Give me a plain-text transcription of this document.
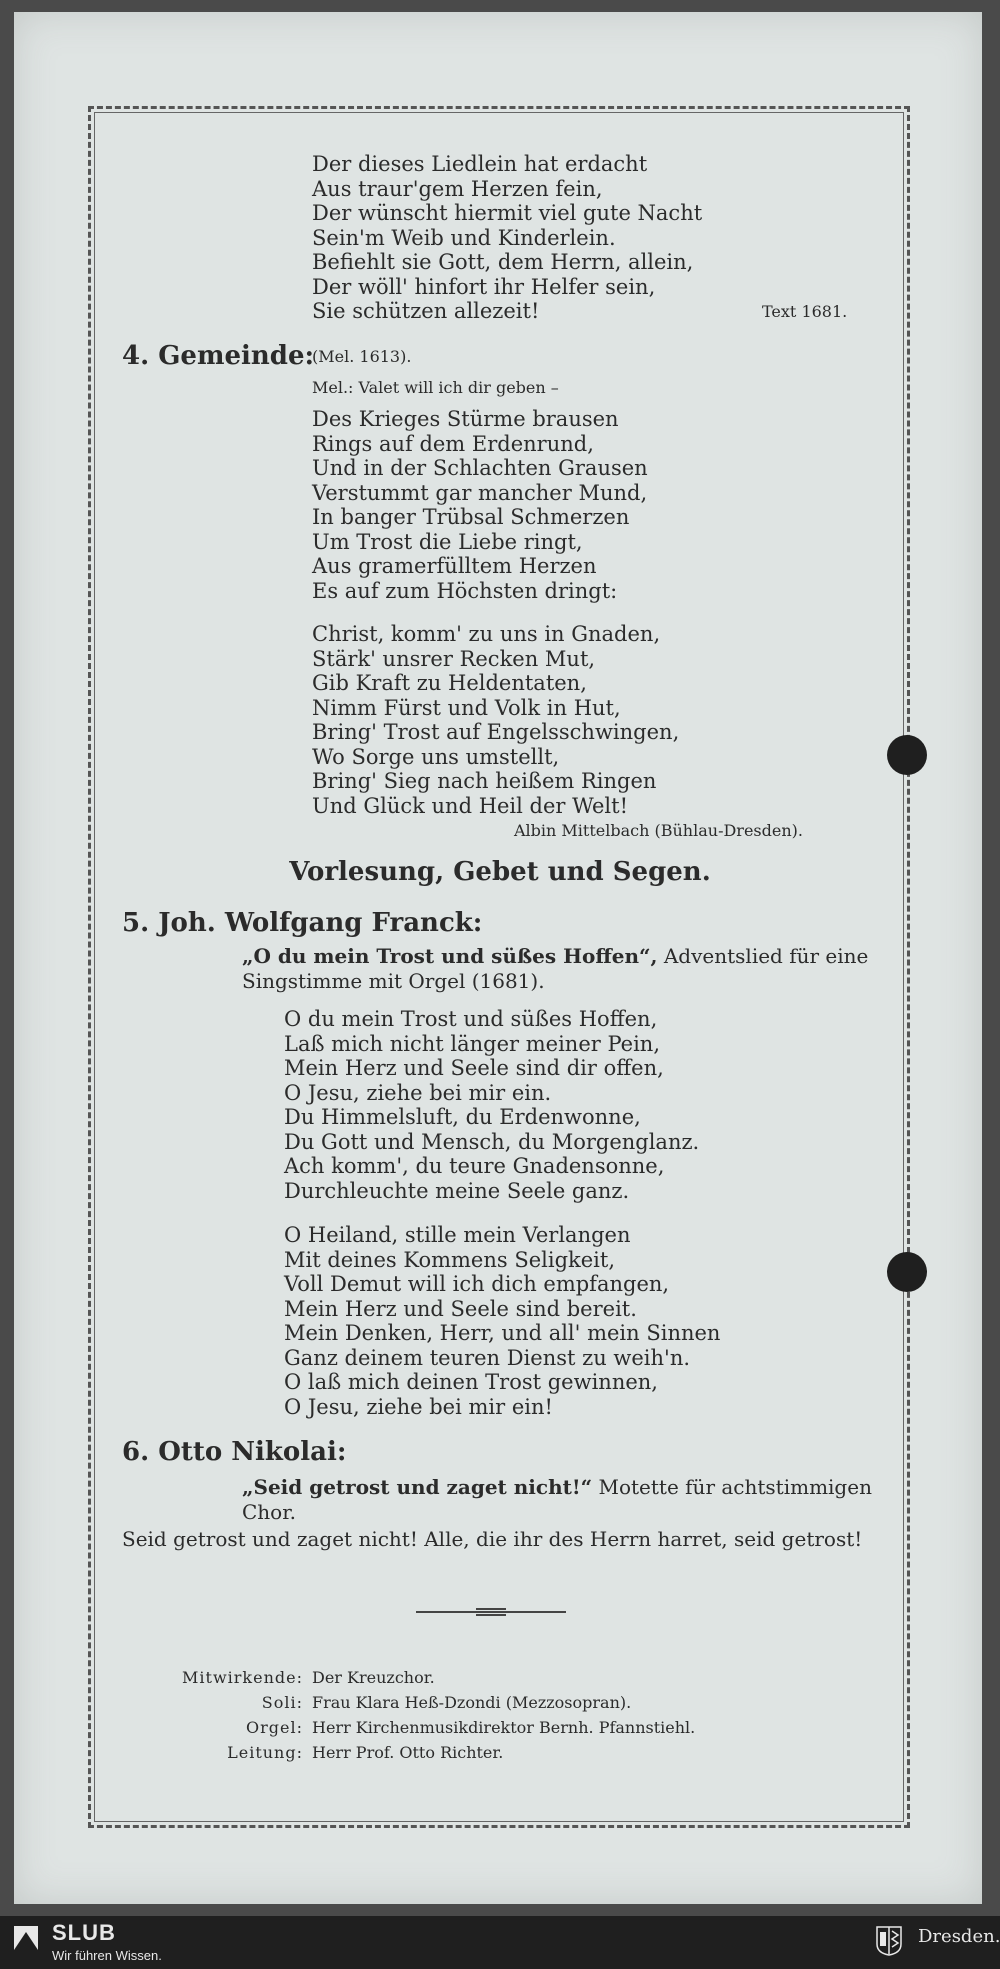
Der dieses Liedlein hat erdacht
Aus traur'gem Herzen fein,
Der wünscht hiermit viel gute Nacht
Sein'm Weib und Kinderlein.
Befiehlt sie Gott, dem Herrn, allein,
Der wöll' hinfort ihr Helfer sein,
Sie schützen allezeit!	Text 1681.
4. Gemeinde:
(Mel. 1613).
Mel.: Valet will ich dir geben –
Des Krieges Stürme brausen
Rings auf dem Erdenrund,
Und in der Schlachten Grausen
Verstummt gar mancher Mund,
In banger Trübsal Schmerzen
Um Trost die Liebe ringt,
Aus gramerfülltem Herzen
Es auf zum Höchsten dringt:
Christ, komm' zu uns in Gnaden,
Stärk' unsrer Recken Mut,
Gib Kraft zu Heldentaten,
Nimm Fürst und Volk in Hut,
Bring' Trost auf Engelsschwingen,
Wo Sorge uns umstellt,
Bring' Sieg nach heißem Ringen
Und Glück und Heil der Welt!
Albin Mittelbach (Bühlau-Dresden).
Vorlesung, Gebet und Segen.
5. Joh. Wolfgang Franck:
„O du mein Trost und süßes Hoffen“, Adventslied für eine Singstimme mit Orgel (1681).
O du mein Trost und süßes Hoffen,
Laß mich nicht länger meiner Pein,
Mein Herz und Seele sind dir offen,
O Jesu, ziehe bei mir ein.
Du Himmelsluft, du Erdenwonne,
Du Gott und Mensch, du Morgenglanz.
Ach komm', du teure Gnadensonne,
Durchleuchte meine Seele ganz.
O Heiland, stille mein Verlangen
Mit deines Kommens Seligkeit,
Voll Demut will ich dich empfangen,
Mein Herz und Seele sind bereit.
Mein Denken, Herr, und all' mein Sinnen
Ganz deinem teuren Dienst zu weih'n.
O laß mich deinen Trost gewinnen,
O Jesu, ziehe bei mir ein!
6. Otto Nikolai:
„Seid getrost und zaget nicht!“ Motette für achtstimmigen Chor.
Seid getrost und zaget nicht! Alle, die ihr des Herrn harret, seid getrost!
Mitwirkende: Der Kreuzchor.
Soli: Frau Klara Heß-Dzondi (Mezzosopran).
Orgel: Herr Kirchenmusikdirektor Bernh. Pfannstiehl.
Leitung: Herr Prof. Otto Richter.
SLUB
Wir führen Wissen.
Dresden.
